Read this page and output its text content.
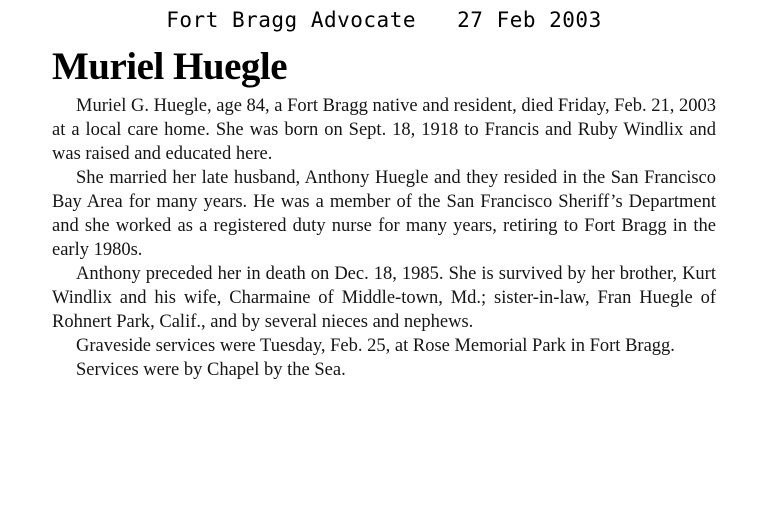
Fort Bragg Advocate 27 Feb 2003
Muriel Huegle

Muriel G. Huegle, age 84, a Fort Bragg native and resident, died Friday, Feb. 21, 2003 at a local care home. She was born on Sept. 18, 1918 to Francis and Ruby Windlix and was raised and educated here.

She married her late husband, Anthony Huegle and they resided in the San Francisco Bay Area for many years. He was a member of the San Francisco Sheriff’s Department and she worked as a registered duty nurse for many years, retiring to Fort Bragg in the early 1980s.

Anthony preceded her in death on Dec. 18, 1985. She is survived by her brother, Kurt Windlix and his wife, Charmaine of Middle-town, Md.; sister-in-law, Fran Huegle of Rohnert Park, Calif., and by several nieces and nephews.

Graveside services were Tuesday, Feb. 25, at Rose Memorial Park in Fort Bragg.

Services were by Chapel by the Sea.
